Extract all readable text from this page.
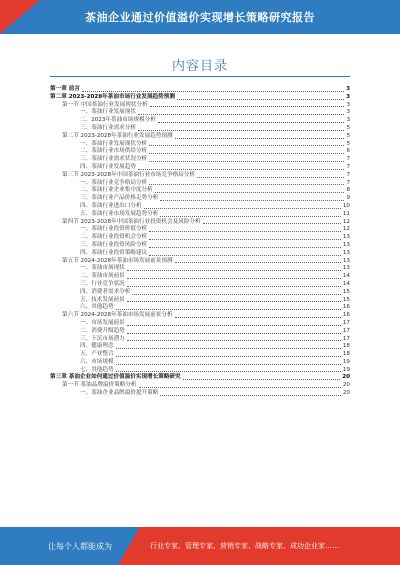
茶油企业通过价值溢价实现增长策略研究报告
内容目录
第一章 前言	3
第二章 2023-2028年茶油市场行业发展趋势预测	3
第一节 中国茶油行业发展现状分析	3
一、茶油行业发展现状	3
二、2023年茶油市场规模分析	3
三、茶油行业需求分析	5
第二节 2023-2028年茶油行业发展趋势预测	5
一、茶油行业发展现状分析	5
二、茶油行业市场供给分析	6
三、茶油行业需求状况分析	7
四、茶油行业发展趋势	7
第三节 2023-2028年中国茶油行业市场竞争格局分析	7
一、茶油行业竞争格局分析	7
二、茶油行业企业集中度分析	8
三、茶油行业产品价格走势分析	9
四、茶油行业进出口分析	10
五、茶油行业市场发展趋势分析	11
第四节 2023-2028年中国茶油行业投资机会及风险分析	12
一、茶油行业投资价值分析	12
二、茶油行业投资机会分析	13
三、茶油行业投资风险分析	13
四、茶油行业投资策略建议	13
第五节 2024-2028年茶油市场发展前景预测	13
一、茶油市场现状	13
二、茶油市场前景	14
三、行业竞争状况	14
四、消费者需求分析	15
五、技术发展前景	15
六、其他趋势	16
第六节 2024-2028年茶油市场发展前景分析	16
一、市场发展前景	17
二、消费升级趋势	17
三、下沉市场潜力	17
四、健康理念	18
五、产业整合	18
六、市场规模	19
七、其他趋势	19
第三章 茶油企业如何通过价值溢价实现增长策略研究	20
第一节 茶油品牌溢价策略分析	20
一、茶油企业品牌溢价提升策略	20
让每个人都能成为	行业专家、管理专家、营销专家、战略专家、成功企业家……
